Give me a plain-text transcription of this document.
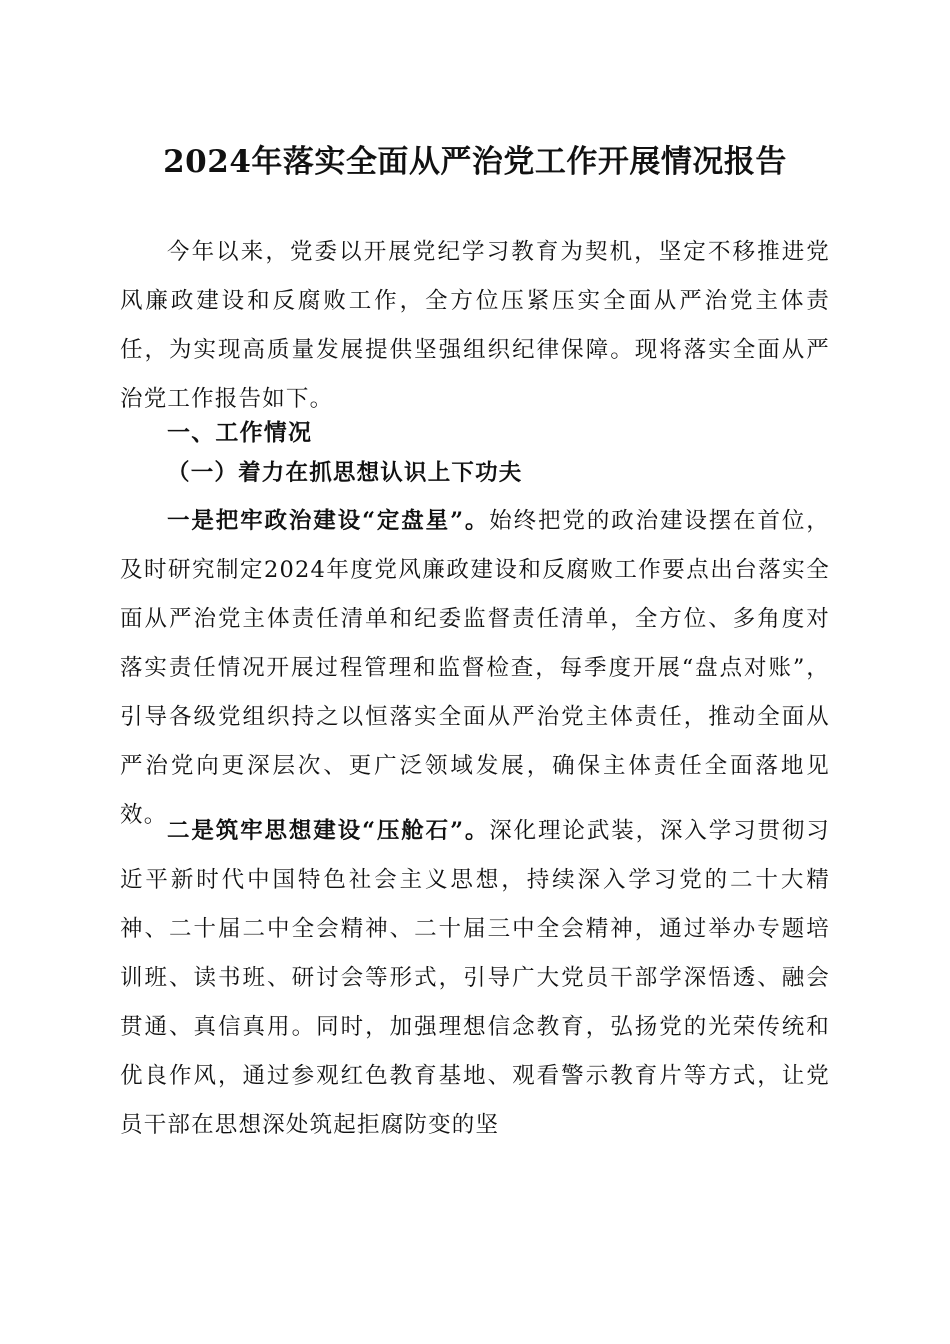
2024年落实全面从严治党工作开展情况报告

今年以来，党委以开展党纪学习教育为契机，坚定不移推进党风廉政建设和反腐败工作，全方位压紧压实全面从严治党主体责任，为实现高质量发展提供坚强组织纪律保障。现将落实全面从严治党工作报告如下。

一、工作情况
（一）着力在抓思想认识上下功夫

一是把牢政治建设“定盘星”。始终把党的政治建设摆在首位，及时研究制定2024年度党风廉政建设和反腐败工作要点出台落实全面从严治党主体责任清单和纪委监督责任清单，全方位、多角度对落实责任情况开展过程管理和监督检查，每季度开展“盘点对账”，引导各级党组织持之以恒落实全面从严治党主体责任，推动全面从严治党向更深层次、更广泛领域发展，确保主体责任全面落地见效。

二是筑牢思想建设“压舱石”。深化理论武装，深入学习贯彻习近平新时代中国特色社会主义思想，持续深入学习党的二十大精神、二十届二中全会精神、二十届三中全会精神，通过举办专题培训班、读书班、研讨会等形式，引导广大党员干部学深悟透、融会贯通、真信真用。同时，加强理想信念教育，弘扬党的光荣传统和优良作风，通过参观红色教育基地、观看警示教育片等方式，让党员干部在思想深处筑起拒腐防变的坚
